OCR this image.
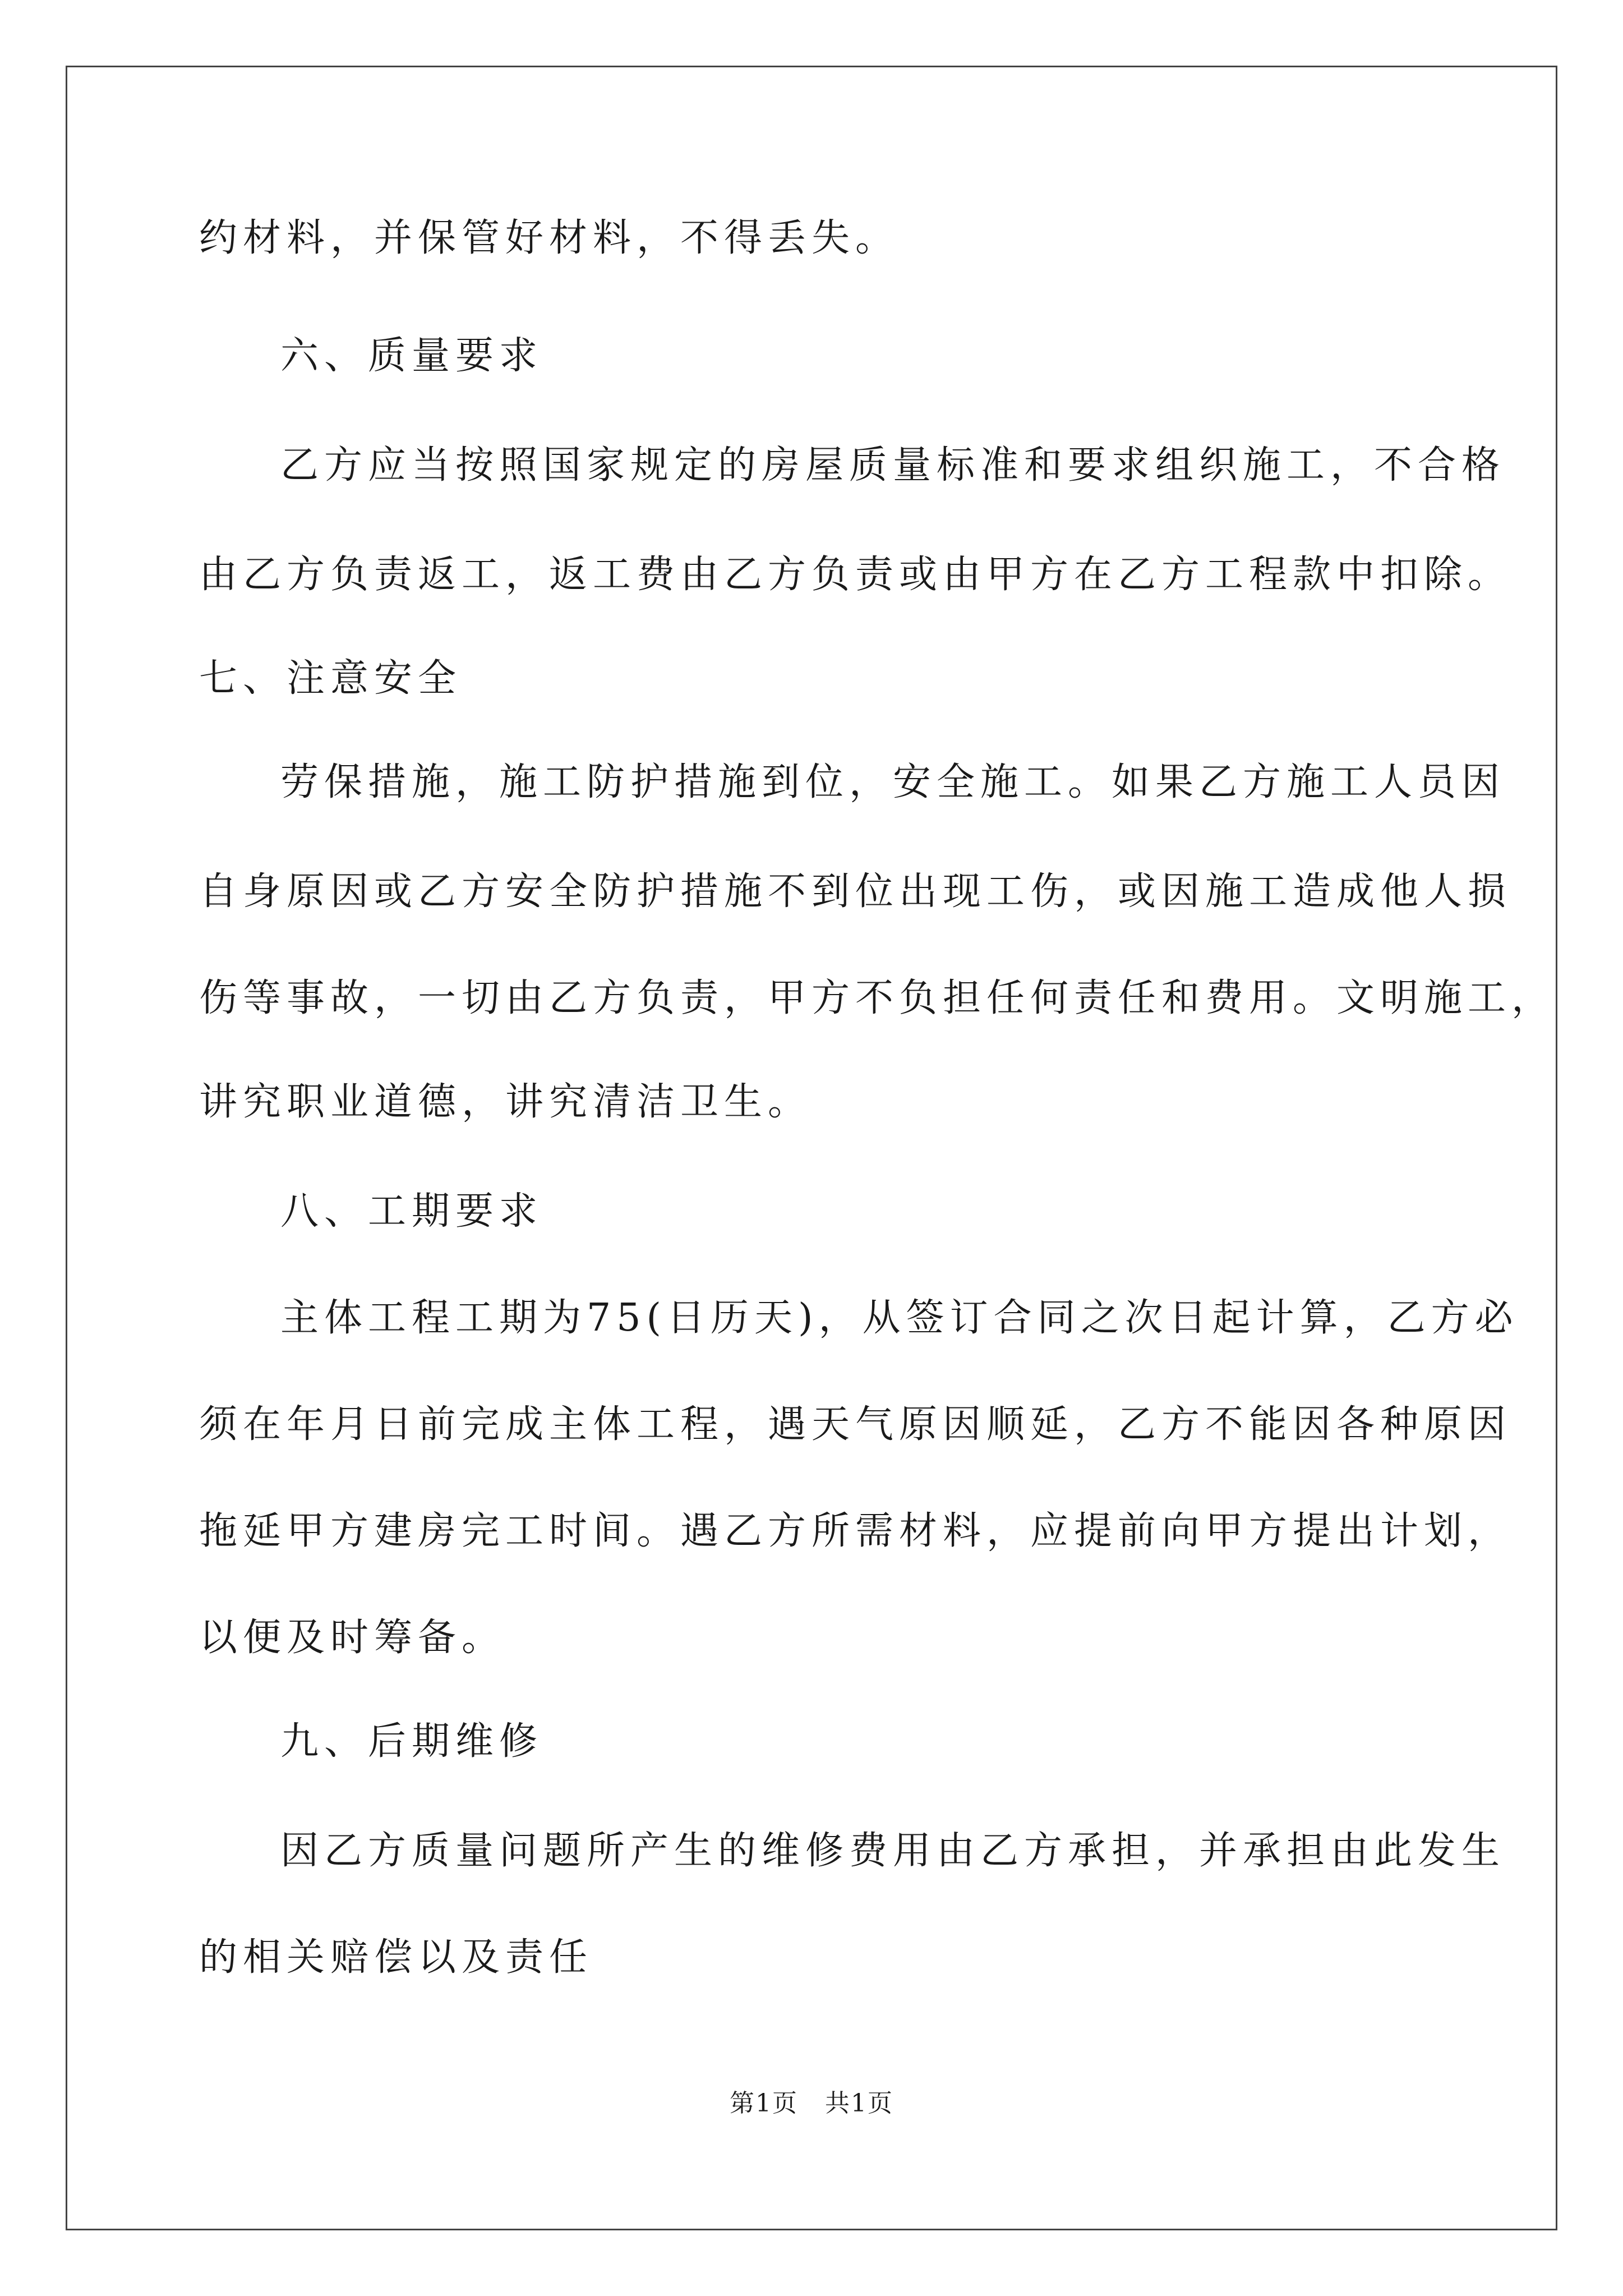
约材料，并保管好材料，不得丢失。
六、质量要求
乙方应当按照国家规定的房屋质量标准和要求组织施工，不合格
由乙方负责返工，返工费由乙方负责或由甲方在乙方工程款中扣除。
七、注意安全
劳保措施，施工防护措施到位，安全施工。如果乙方施工人员因
自身原因或乙方安全防护措施不到位出现工伤，或因施工造成他人损
伤等事故，一切由乙方负责，甲方不负担任何责任和费用。文明施工，
讲究职业道德，讲究清洁卫生。
八、工期要求
主体工程工期为75(日历天)，从签订合同之次日起计算，乙方必
须在年月日前完成主体工程，遇天气原因顺延，乙方不能因各种原因
拖延甲方建房完工时间。遇乙方所需材料，应提前向甲方提出计划，
以便及时筹备。
九、后期维修
因乙方质量问题所产生的维修费用由乙方承担，并承担由此发生
的相关赔偿以及责任
第1页   共1页
